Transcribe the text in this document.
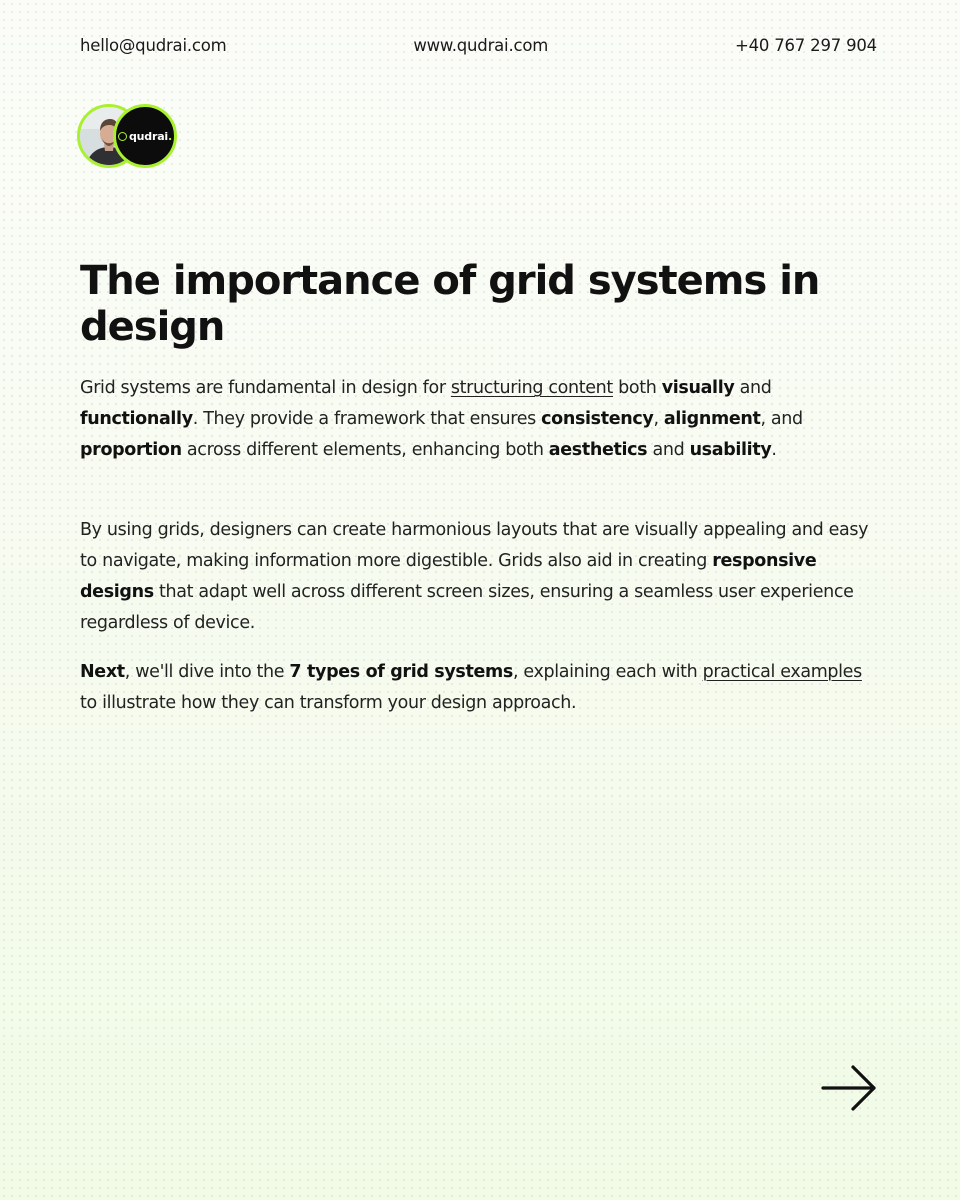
hello@qudrai.com	www.qudrai.com	+40 767 297 904
qudrai.
The importance of grid systems in design

Grid systems are fundamental in design for structuring content both visually and functionally. They provide a framework that ensures consistency, alignment, and proportion across different elements, enhancing both aesthetics and usability.

By using grids, designers can create harmonious layouts that are visually appealing and easy to navigate, making information more digestible. Grids also aid in creating responsive designs that adapt well across different screen sizes, ensuring a seamless user experience regardless of device.

Next, we'll dive into the 7 types of grid systems, explaining each with practical examples to illustrate how they can transform your design approach.
